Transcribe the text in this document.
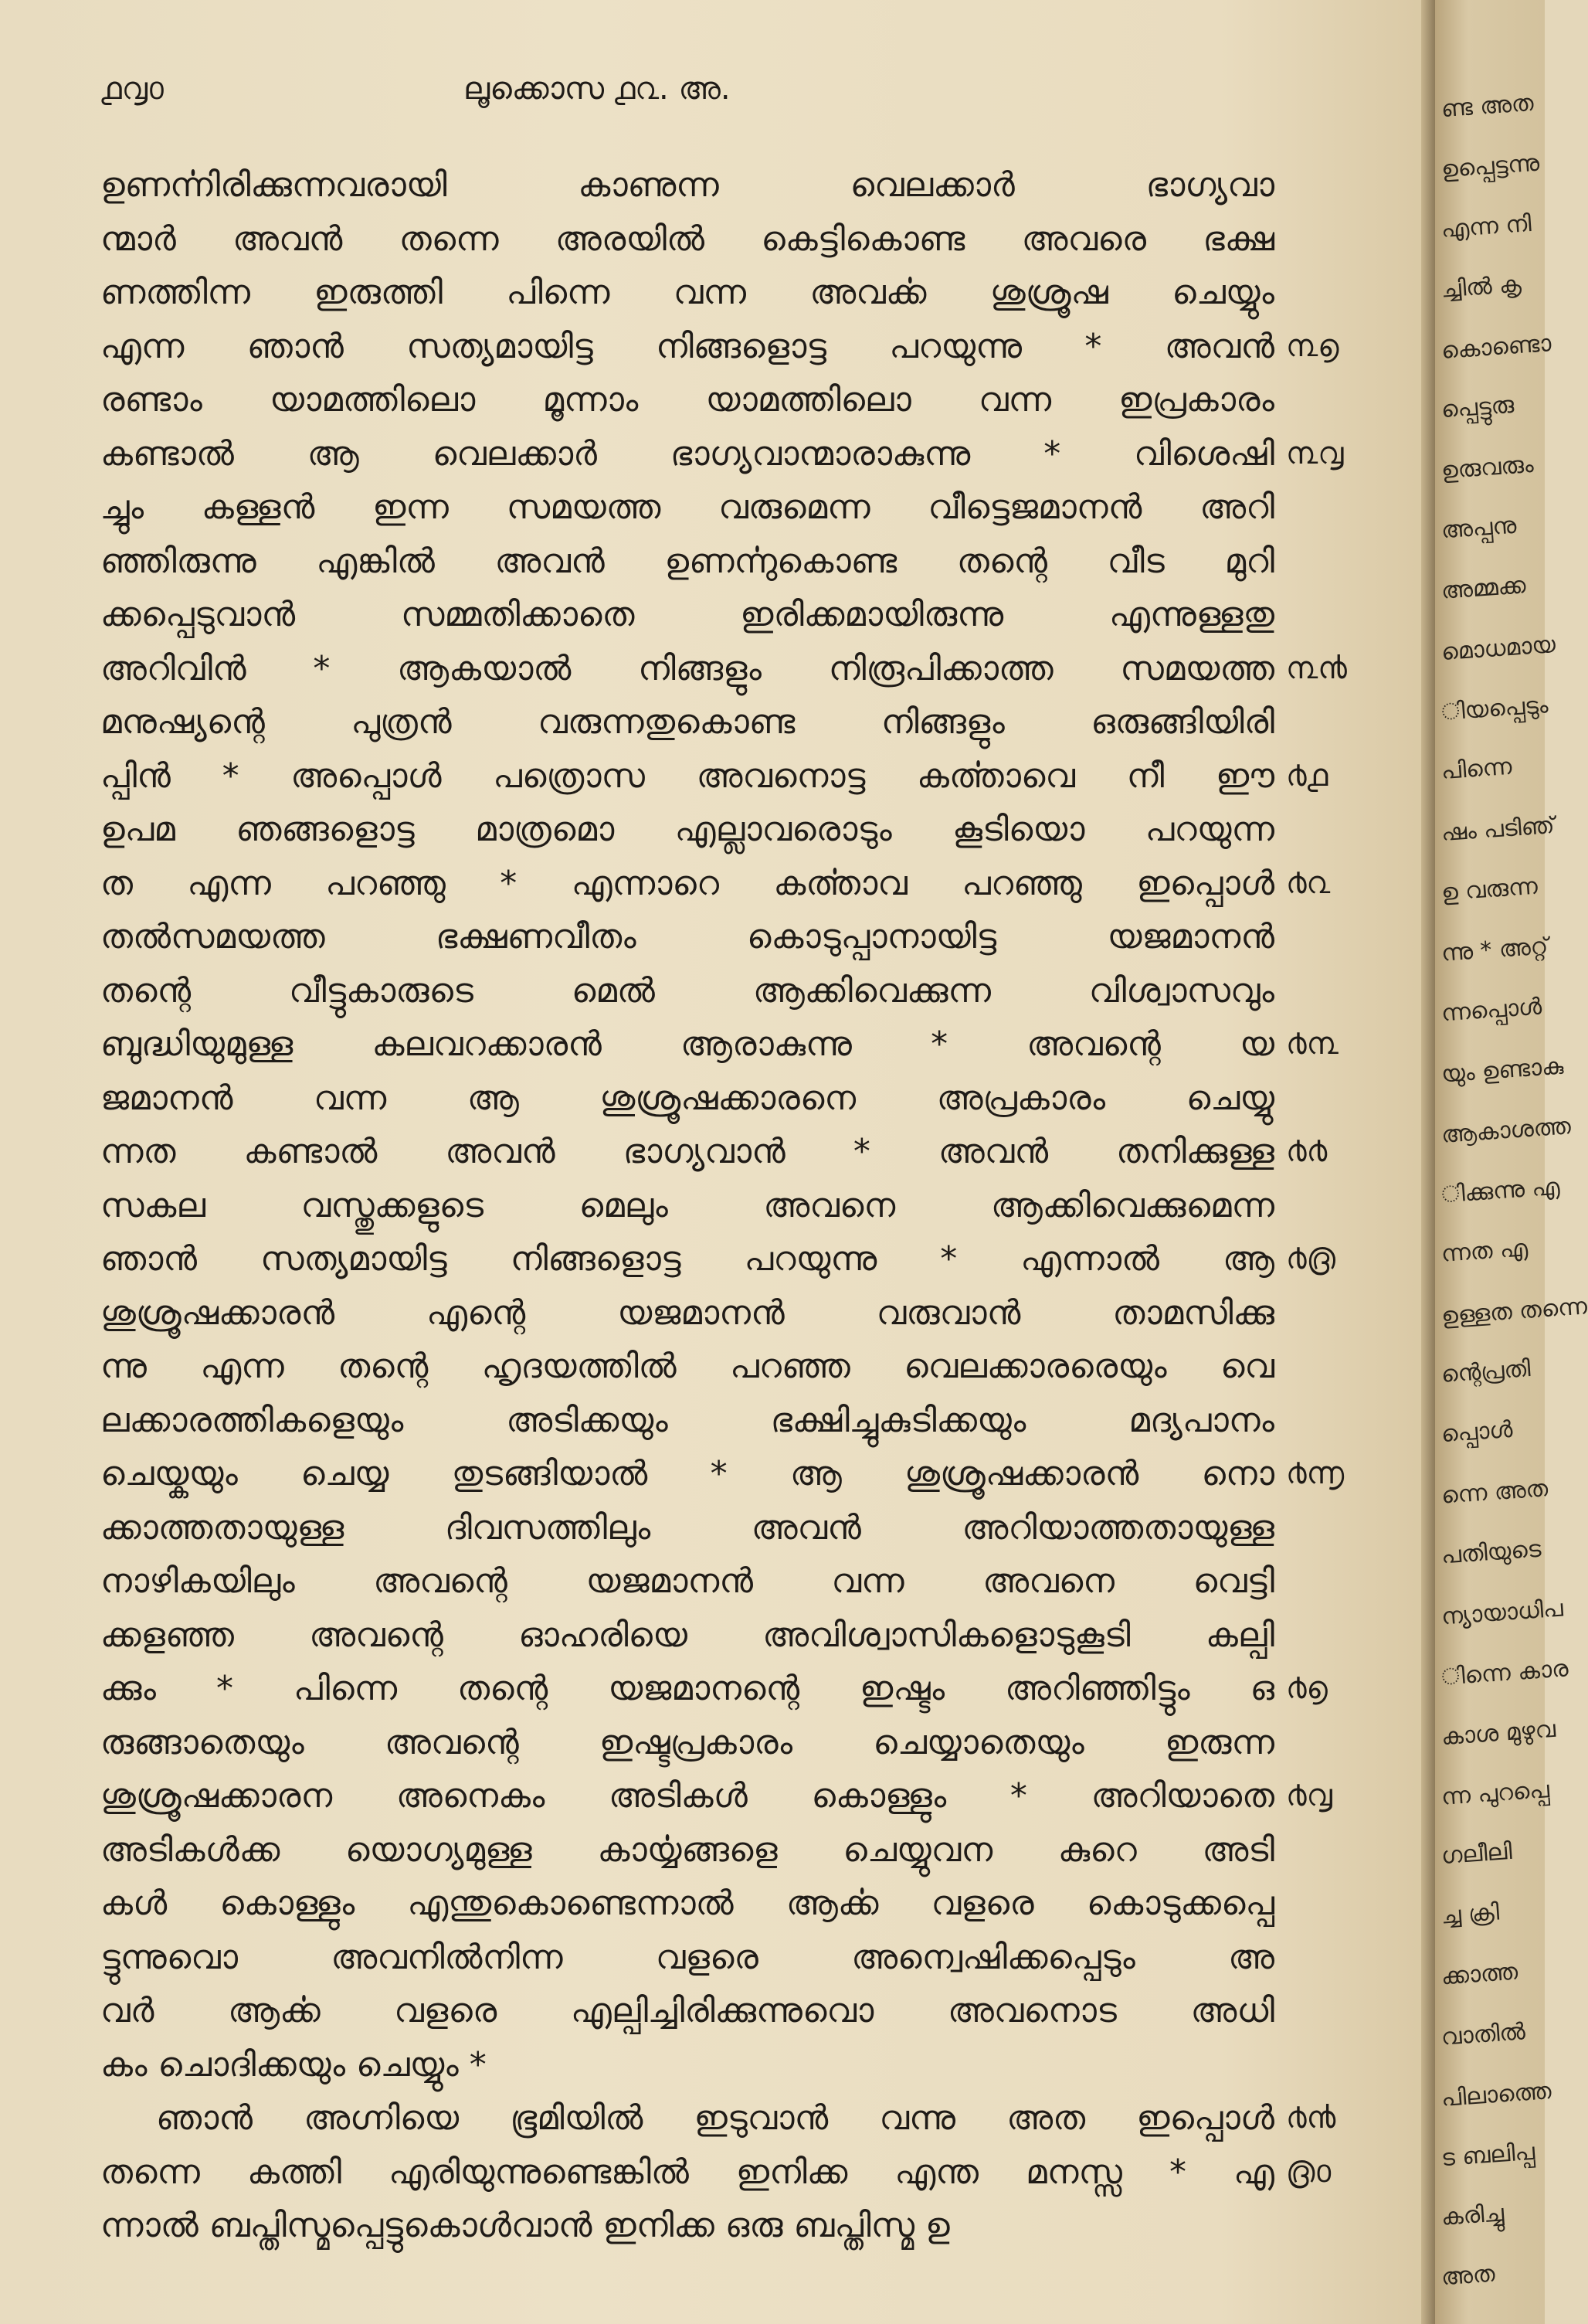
൧൮൦	ലൂക്കൊസ ൧൨. അ.
ഉണൎന്നിരിക്കുന്നവരായി കാണുന്ന വെലക്കാർ ഭാഗ്യവാ
ന്മാർ അവൻ തന്നെ അരയിൽ കെട്ടികൊണ്ട അവരെ ഭക്ഷ
ണത്തിന്ന ഇരുത്തി പിന്നെ വന്ന അവൎക്ക ശുശ്രൂഷ ചെയ്യും
എന്ന ഞാൻ സത്യമായിട്ട നിങ്ങളൊട്ട പറയുന്നു * അവൻ
രണ്ടാം യാമത്തിലൊ മൂന്നാം യാമത്തിലൊ വന്ന ഇപ്രകാരം
കണ്ടാൽ ആ വെലക്കാർ ഭാഗ്യവാന്മാരാകുന്നു * വിശെഷി
ച്ചും കള്ളൻ ഇന്ന സമയത്ത വരുമെന്ന വീട്ടെജമാനൻ അറി
ഞ്ഞിരുന്നു എങ്കിൽ അവൻ ഉണൎന്നുകൊണ്ട തന്റെ വീട മുറി
ക്കപ്പെടുവാൻ സമ്മതിക്കാതെ ഇരിക്കമായിരുന്നു എന്നുള്ളതു
അറിവിൻ * ആകയാൽ നിങ്ങളും നിരൂപിക്കാത്ത സമയത്ത
മനുഷ്യന്റെ പുത്രൻ വരുന്നതുകൊണ്ട നിങ്ങളും ഒരുങ്ങിയിരി
പ്പിൻ * അപ്പൊൾ പത്രൊസ അവനൊട്ട കൎത്താവെ നീ ഈ
ഉപമ ഞങ്ങളൊട്ട മാത്രമൊ എല്ലാവരൊടും കൂടിയൊ പറയുന്ന
ത എന്ന പറഞ്ഞു * എന്നാറെ കൎത്താവ പറഞ്ഞു ഇപ്പൊൾ
തൽസമയത്ത ഭക്ഷണവീതം കൊടുപ്പാനായിട്ട യജമാനൻ
തന്റെ വീട്ടുകാരുടെ മെൽ ആക്കിവെക്കുന്ന വിശ്വാസവും
ബുദ്ധിയുമുള്ള കലവറക്കാരൻ ആരാകുന്നു * അവന്റെ യ
ജമാനൻ വന്ന ആ ശുശ്രൂഷക്കാരനെ അപ്രകാരം ചെയ്യു
ന്നത കണ്ടാൽ അവൻ ഭാഗ്യവാൻ * അവൻ തനിക്കുള്ള
സകല വസ്തുക്കളുടെ മെലും അവനെ ആക്കിവെക്കുമെന്ന
ഞാൻ സത്യമായിട്ട നിങ്ങളൊട്ട പറയുന്നു * എന്നാൽ ആ
ശുശ്രൂഷക്കാരൻ എന്റെ യജമാനൻ വരുവാൻ താമസിക്കു
ന്നു എന്ന തന്റെ ഹൃദയത്തിൽ പറഞ്ഞ വെലക്കാരരെയും വെ
ലക്കാരത്തികളെയും അടിക്കയും ഭക്ഷിച്ചുകുടിക്കയും മദ്യപാനം
ചെയ്കയും ചെയ്യ തുടങ്ങിയാൽ * ആ ശുശ്രൂഷക്കാരൻ നൊ
ക്കാത്തതായുള്ള ദിവസത്തിലും അവൻ അറിയാത്തതായുള്ള
നാഴികയിലും അവന്റെ യജമാനൻ വന്ന അവനെ വെട്ടി
ക്കളഞ്ഞ അവന്റെ ഓഹരിയെ അവിശ്വാസികളൊടുകൂടി കല്പി
ക്കും * പിന്നെ തന്റെ യജമാനന്റെ ഇഷ്ടം അറിഞ്ഞിട്ടും ഒ
രുങ്ങാതെയും അവന്റെ ഇഷ്ടപ്രകാരം ചെയ്യാതെയും ഇരുന്ന
ശുശ്രൂഷക്കാരന അനെകം അടികൾ കൊള്ളും * അറിയാതെ
അടികൾക്ക യൊഗ്യമുള്ള കാൎയ്യങ്ങളെ ചെയ്യുവന കുറെ അടി
കൾ കൊള്ളും എന്തുകൊണ്ടെന്നാൽ ആൎക്ക വളരെ കൊടുക്കപ്പെ
ട്ടുന്നുവൊ അവനിൽനിന്ന വളരെ അന്വെഷിക്കപ്പെടും അ
വർ ആൎക്ക വളരെ എല്പിച്ചിരിക്കുന്നുവൊ അവനൊട അധി
കം ചൊദിക്കയും ചെയ്യും *
ഞാൻ അഗ്നിയെ ഭൂമിയിൽ ഇടുവാൻ വന്നു അത ഇപ്പൊൾ
തന്നെ കത്തി എരിയുന്നുണ്ടെങ്കിൽ ഇനിക്ക എന്ത മനസ്സ * എ
ന്നാൽ ബപ്തിസ്മപ്പെട്ടുകൊൾവാൻ ഇനിക്ക ഒരു ബപ്തിസ്മ ഉ
൩൭
൩൮
൩൯
൪൧
൪൨
൪൩
൪൪
൪൫
൪൬
൪൭
൪൮
൪൯
൫൦
ണ്ട അത
ഉപ്പെട്ടന്നു
എന്ന നി
ച്ചിൽ കൃ
കൊണ്ടൊ
പ്പെട്ടുരു
ഉരുവരും
അപ്പനു
അമ്മക്ക
മൊധമായ
ിയപ്പെടും
പിന്നെ
ഷം പടിഞ്
ഉ വരുന്ന
ന്നു * അറ്റ്
ന്നപ്പൊൾ
യും ഉണ്ടാകു
ആകാശത്ത
ിക്കുന്നു എ
ന്നത എ
ഉള്ളത തന്നെ
ന്റെപ്രതി
പ്പൊൾ
ന്നെ അത
പതിയുടെ
ന്യായാധിപ
ിന്നെ കാര
കാശ മുഴുവ
ന്ന പുറപ്പെ
ഗലീലി
ച്ച ക്രി
ക്കാത്ത
വാതിൽ
പിലാത്തെ
ട ബലിപ്പ
കരിച്ചു
അത
